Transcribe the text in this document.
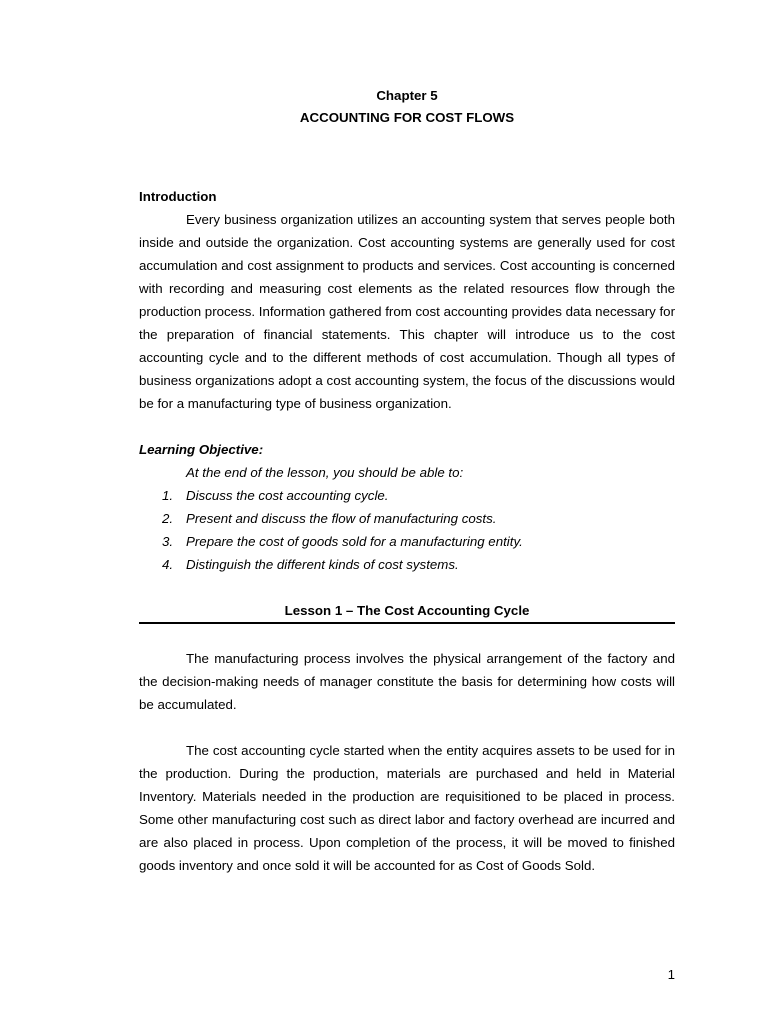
Chapter 5
ACCOUNTING FOR COST FLOWS
Introduction

Every business organization utilizes an accounting system that serves people both inside and outside the organization. Cost accounting systems are generally used for cost accumulation and cost assignment to products and services. Cost accounting is concerned with recording and measuring cost elements as the related resources flow through the production process. Information gathered from cost accounting provides data necessary for the preparation of financial statements. This chapter will introduce us to the cost accounting cycle and to the different methods of cost accumulation. Though all types of business organizations adopt a cost accounting system, the focus of the discussions would be for a manufacturing type of business organization.

Learning Objective:
At the end of the lesson, you should be able to:
1. Discuss the cost accounting cycle.
2. Present and discuss the flow of manufacturing costs.
3. Prepare the cost of goods sold for a manufacturing entity.
4. Distinguish the different kinds of cost systems.
Lesson 1 – The Cost Accounting Cycle

The manufacturing process involves the physical arrangement of the factory and the decision-making needs of manager constitute the basis for determining how costs will be accumulated.

The cost accounting cycle started when the entity acquires assets to be used for in the production. During the production, materials are purchased and held in Material Inventory. Materials needed in the production are requisitioned to be placed in process. Some other manufacturing cost such as direct labor and factory overhead are incurred and are also placed in process. Upon completion of the process, it will be moved to finished goods inventory and once sold it will be accounted for as Cost of Goods Sold.

1
